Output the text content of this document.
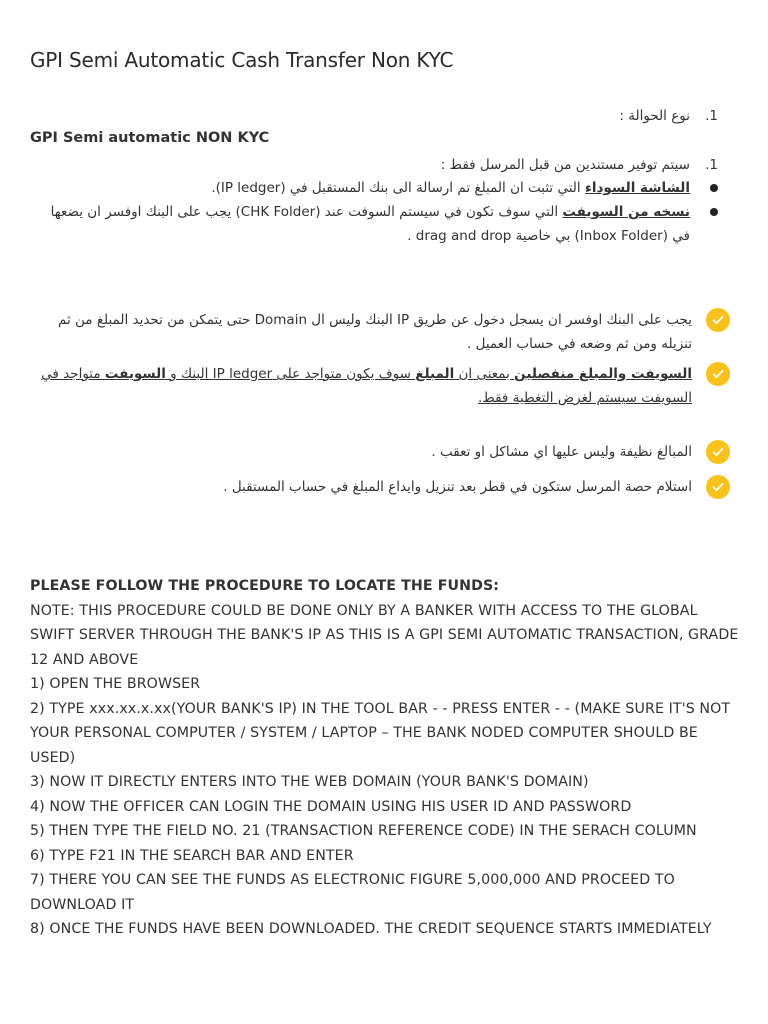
GPI Semi Automatic Cash Transfer Non KYC
1.نوع الحوالة :

GPI Semi automatic NON KYC

1.سيتم توفير مستندين من قبل المرسل فقط :
الشاشة السوداء التي تثبت ان المبلغ تم ارسالة الى بنك المستقبل في (IP ledger).
نسخه من السويفت التي سوف تكون في سيستم السوفت عند (CHK Folder) يجب على البنك اوفسر ان يضعها في (Inbox Folder) بي خاصية drag and drop .
يجب على البنك اوفسر ان يسجل دخول عن طريق IP البنك وليس ال Domain حتى يتمكن من تحديد المبلغ من ثم تنزيله ومن ثم وضعه في حساب العميل .
السويفت والمبلغ منفصلين بمعنى ان المبلغ سوف يكون متواجد على IP ledger البنك و السويفت متواجد في السويفت سيستم لغرض التغطية فقط.
المبالغ نظيفة وليس عليها اي مشاكل او تعقب .
استلام حصة المرسل ستكون في قطر بعد تنزيل وايداع المبلغ في حساب المستقبل .

PLEASE FOLLOW THE PROCEDURE TO LOCATE THE FUNDS:

NOTE: THIS PROCEDURE COULD BE DONE ONLY BY A BANKER WITH ACCESS TO THE GLOBAL SWIFT SERVER THROUGH THE BANK'S IP AS THIS IS A GPI SEMI AUTOMATIC TRANSACTION, GRADE 12 AND ABOVE

1) OPEN THE BROWSER

2) TYPE xxx.xx.x.xx(YOUR BANK'S IP) IN THE TOOL BAR - - PRESS ENTER - - (MAKE SURE IT'S NOT YOUR PERSONAL COMPUTER / SYSTEM / LAPTOP – THE BANK NODED COMPUTER SHOULD BE USED)

3) NOW IT DIRECTLY ENTERS INTO THE WEB DOMAIN (YOUR BANK'S DOMAIN)

4) NOW THE OFFICER CAN LOGIN THE DOMAIN USING HIS USER ID AND PASSWORD

5) THEN TYPE THE FIELD NO. 21 (TRANSACTION REFERENCE CODE) IN THE SERACH COLUMN

6) TYPE F21 IN THE SEARCH BAR AND ENTER

7) THERE YOU CAN SEE THE FUNDS AS ELECTRONIC FIGURE 5,000,000 AND PROCEED TO DOWNLOAD IT

8) ONCE THE FUNDS HAVE BEEN DOWNLOADED. THE CREDIT SEQUENCE STARTS IMMEDIATELY
